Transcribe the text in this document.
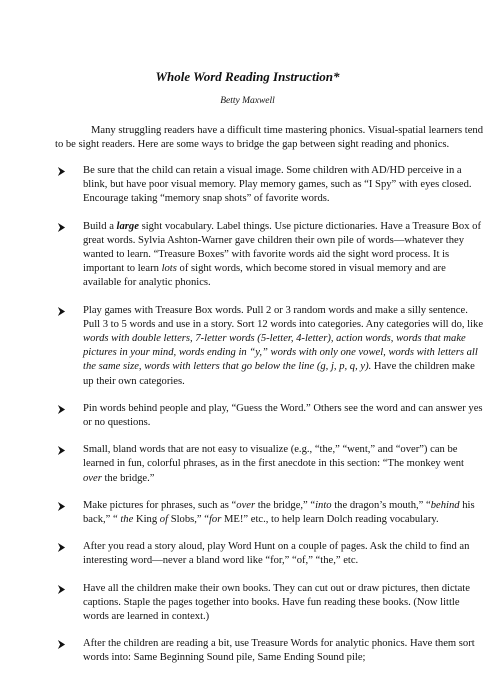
Whole Word Reading Instruction*
Betty Maxwell

Many struggling readers have a difficult time mastering phonics. Visual-spatial learners tend to be sight readers. Here are some ways to bridge the gap between sight reading and phonics.

Be sure that the child can retain a visual image. Some children with AD/HD perceive in a blink, but have poor visual memory. Play memory games, such as “I Spy” with eyes closed. Encourage taking “memory snap shots” of favorite words.
Build a large sight vocabulary. Label things. Use picture dictionaries. Have a Treasure Box of great words. Sylvia Ashton-Warner gave children their own pile of words—whatever they wanted to learn. “Treasure Boxes” with favorite words aid the sight word process. It is important to learn lots of sight words, which become stored in visual memory and are available for analytic phonics.
Play games with Treasure Box words. Pull 2 or 3 random words and make a silly sentence. Pull 3 to 5 words and use in a story. Sort 12 words into categories. Any categories will do, like words with double letters, 7-letter words (5-letter, 4-letter), action words, words that make pictures in your mind, words ending in “y,” words with only one vowel, words with letters all the same size, words with letters that go below the line (g, j, p, q, y). Have the children make up their own categories.
Pin words behind people and play, “Guess the Word.” Others see the word and can answer yes or no questions.
Small, bland words that are not easy to visualize (e.g., “the,” “went,” and “over”) can be learned in fun, colorful phrases, as in the first anecdote in this section: “The monkey went over the bridge.”
Make pictures for phrases, such as “over the bridge,” “into the dragon’s mouth,” “behind his back,” “ the King of Slobs,” “for ME!” etc., to help learn Dolch reading vocabulary.
After you read a story aloud, play Word Hunt on a couple of pages. Ask the child to find an interesting word—never a bland word like “for,” “of,” “the,” etc.
Have all the children make their own books. They can cut out or draw pictures, then dictate captions. Staple the pages together into books. Have fun reading these books. (Now little words are learned in context.)
After the children are reading a bit, use Treasure Words for analytic phonics. Have them sort words into: Same Beginning Sound pile, Same Ending Sound pile;
